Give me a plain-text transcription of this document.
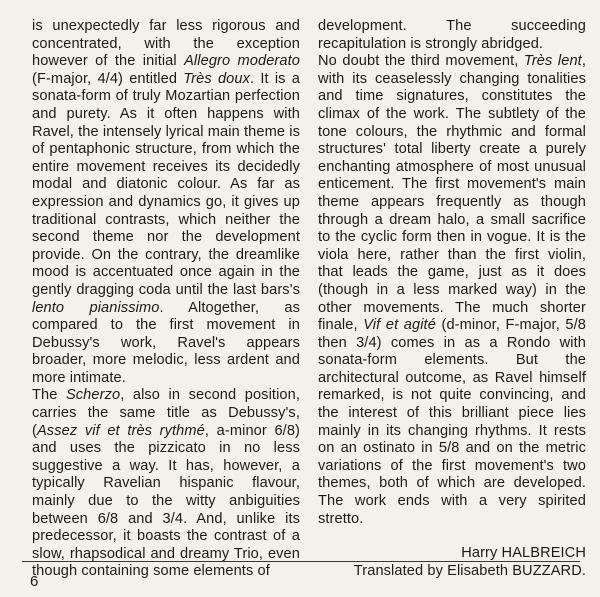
is unexpectedly far less rigorous and concentrated, with the exception however of the initial Allegro moderato (F-major, 4/4) entitled Très doux. It is a sonata-form of truly Mozartian perfection and purety. As it often happens with Ravel, the intensely lyrical main theme is of pentaphonic structure, from which the entire movement receives its decidedly modal and diatonic colour. As far as expression and dynamics go, it gives up traditional contrasts, which neither the second theme nor the development provide. On the contrary, the dreamlike mood is accentuated once again in the gently dragging coda until the last bars's lento pianissimo. Altogether, as compared to the first movement in Debussy's work, Ravel's appears broader, more melodic, less ardent and more intimate.

The Scherzo, also in second position, carries the same title as Debussy's, (Assez vif et très rythmé, a-minor 6/8) and uses the pizzicato in no less suggestive a way. It has, however, a typically Ravelian hispanic flavour, mainly due to the witty anbiguities between 6/8 and 3/4. And, unlike its predecessor, it boasts the contrast of a slow, rhapsodical and dreamy Trio, even though containing some elements of

development. The succeeding recapitulation is strongly abridged.

No doubt the third movement, Très lent, with its ceaselessly changing tonalities and time signatures, constitutes the climax of the work. The subtlety of the tone colours, the rhythmic and formal structures' total liberty create a purely enchanting atmosphere of most unusual enticement. The first movement's main theme appears frequently as though through a dream halo, a small sacrifice to the cyclic form then in vogue. It is the viola here, rather than the first violin, that leads the game, just as it does (though in a less marked way) in the other movements. The much shorter finale, Vif et agité (d-minor, F-major, 5/8 then 3/4) comes in as a Rondo with sonata-form elements. But the architectural outcome, as Ravel himself remarked, is not quite convincing, and the interest of this brilliant piece lies mainly in its changing rhythms. It rests on an ostinato in 5/8 and on the metric variations of the first movement's two themes, both of which are developed. The work ends with a very spirited stretto.

Harry HALBREICH
Translated by Elisabeth BUZZARD.
6
